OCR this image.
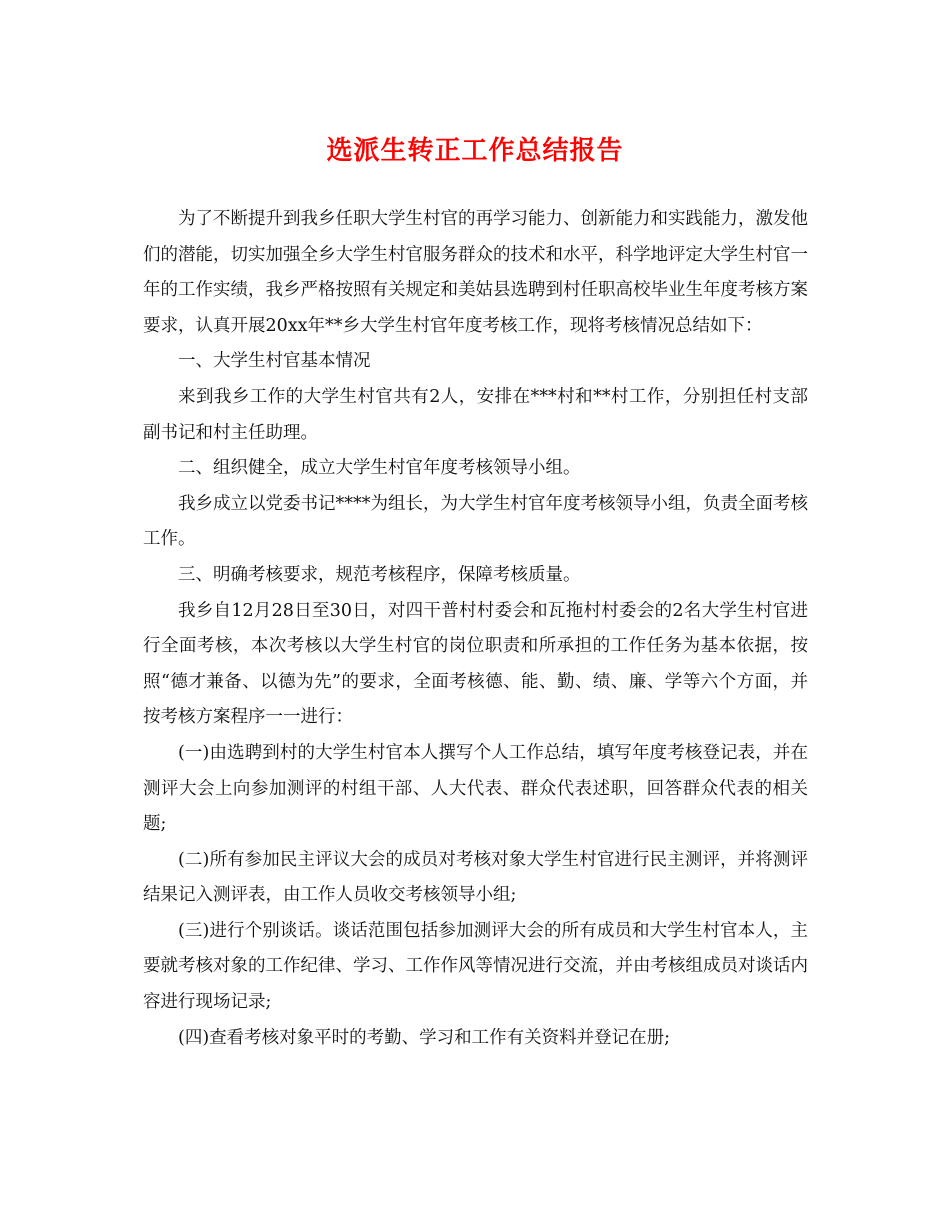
选派生转正工作总结报告

为了不断提升到我乡任职大学生村官的再学习能力、创新能力和实践能力，激发他们的潜能，切实加强全乡大学生村官服务群众的技术和水平，科学地评定大学生村官一年的工作实绩，我乡严格按照有关规定和美姑县选聘到村任职高校毕业生年度考核方案要求，认真开展20xx年**乡大学生村官年度考核工作，现将考核情况总结如下：

一、大学生村官基本情况

来到我乡工作的大学生村官共有2人，安排在***村和**村工作，分别担任村支部副书记和村主任助理。

二、组织健全，成立大学生村官年度考核领导小组。

我乡成立以党委书记****为组长，为大学生村官年度考核领导小组，负责全面考核工作。

三、明确考核要求，规范考核程序，保障考核质量。

我乡自12月28日至30日，对四干普村村委会和瓦拖村村委会的2名大学生村官进行全面考核，本次考核以大学生村官的岗位职责和所承担的工作任务为基本依据，按照“德才兼备、以德为先”的要求，全面考核德、能、勤、绩、廉、学等六个方面，并按考核方案程序一一进行：

(一)由选聘到村的大学生村官本人撰写个人工作总结，填写年度考核登记表，并在测评大会上向参加测评的村组干部、人大代表、群众代表述职，回答群众代表的相关题;

(二)所有参加民主评议大会的成员对考核对象大学生村官进行民主测评，并将测评结果记入测评表，由工作人员收交考核领导小组;

(三)进行个别谈话。谈话范围包括参加测评大会的所有成员和大学生村官本人，主要就考核对象的工作纪律、学习、工作作风等情况进行交流，并由考核组成员对谈话内容进行现场记录;

(四)查看考核对象平时的考勤、学习和工作有关资料并登记在册;
